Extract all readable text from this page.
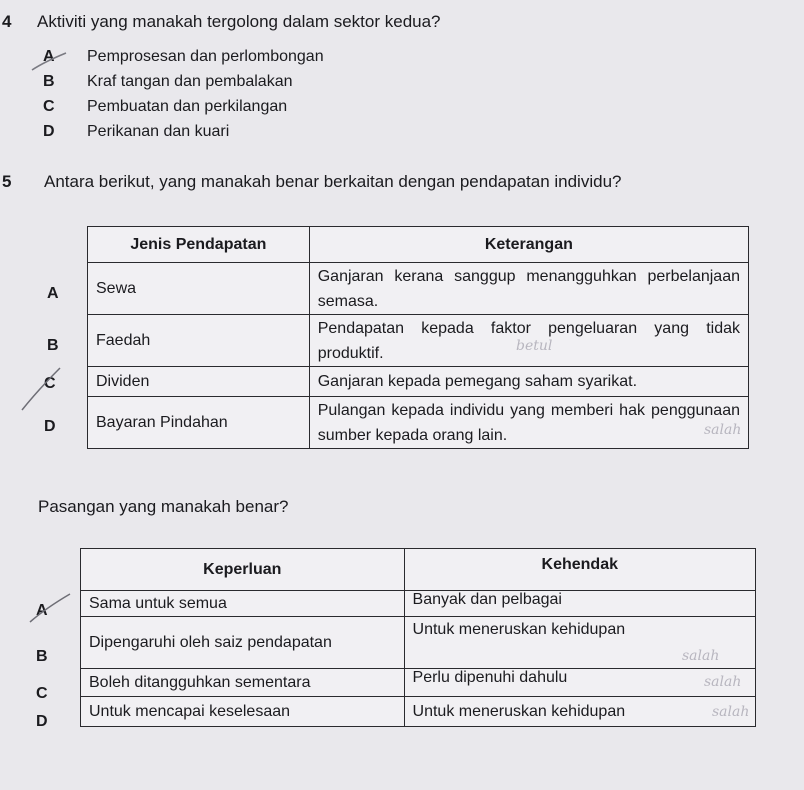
4 Aktiviti yang manakah tergolong dalam sektor kedua?
A Pemprosesan dan perlombongan
B Kraf tangan dan pembalakan
C Pembuatan dan perkilangan
D Perikanan dan kuari
5 Antara berikut, yang manakah benar berkaitan dengan pendapatan individu?
Jenis Pendapatan	Keterangan
Sewa	Ganjaran kerana sanggup menangguhkan perbelanjaan semasa.
Faedah	Pendapatan kepada faktor pengeluaran yang tidak produktif.
Dividen	Ganjaran kepada pemegang saham syarikat.
Bayaran Pindahan	Pulangan kepada individu yang memberi hak penggunaan sumber kepada orang lain.
A
B
C
D
betul
salah
Pasangan yang manakah benar?
Keperluan	Kehendak
Sama untuk semua	Banyak dan pelbagai
Dipengaruhi oleh saiz pendapatan	Untuk meneruskan kehidupan
Boleh ditangguhkan sementara	Perlu dipenuhi dahulu
Untuk mencapai keselesaan	Untuk meneruskan kehidupan
A
B
C
D
salah
salah
salah
